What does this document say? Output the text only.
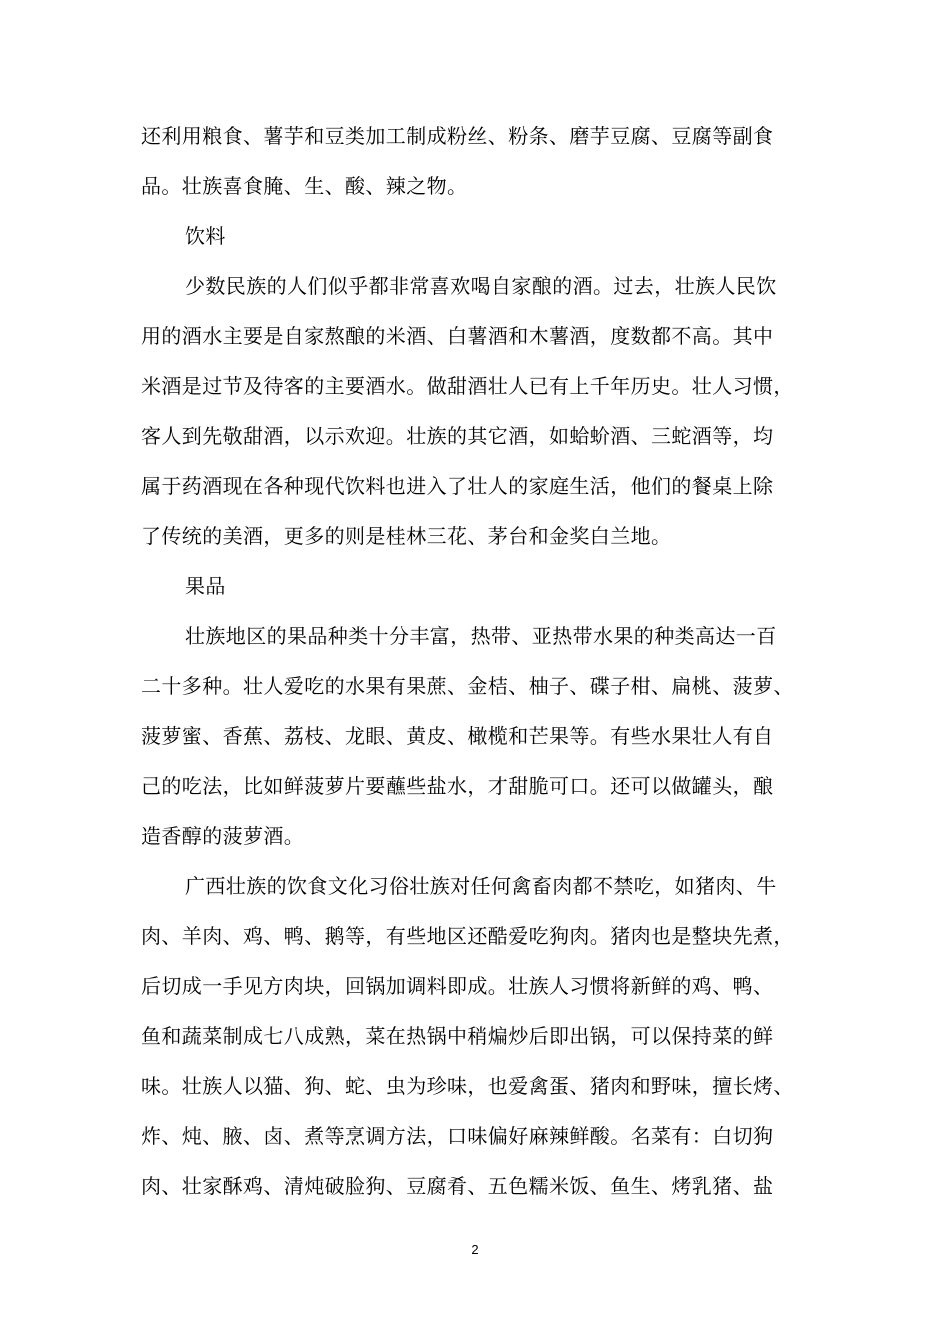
还利用粮食、薯芋和豆类加工制成粉丝、粉条、磨芋豆腐、豆腐等副食
品。壮族喜食腌、生、酸、辣之物。
饮料
少数民族的人们似乎都非常喜欢喝自家酿的酒。过去，壮族人民饮
用的酒水主要是自家熬酿的米酒、白薯酒和木薯酒，度数都不高。其中
米酒是过节及待客的主要酒水。做甜酒壮人已有上千年历史。壮人习惯，
客人到先敬甜酒，以示欢迎。壮族的其它酒，如蛤蚧酒、三蛇酒等，均
属于药酒现在各种现代饮料也进入了壮人的家庭生活，他们的餐桌上除
了传统的美酒，更多的则是桂林三花、茅台和金奖白兰地。
果品
壮族地区的果品种类十分丰富，热带、亚热带水果的种类高达一百
二十多种。壮人爱吃的水果有果蔗、金桔、柚子、碟子柑、扁桃、菠萝、
菠萝蜜、香蕉、荔枝、龙眼、黄皮、橄榄和芒果等。有些水果壮人有自
己的吃法，比如鲜菠萝片要蘸些盐水，才甜脆可口。还可以做罐头，酿
造香醇的菠萝酒。
广西壮族的饮食文化习俗壮族对任何禽畜肉都不禁吃，如猪肉、牛
肉、羊肉、鸡、鸭、鹅等，有些地区还酷爱吃狗肉。猪肉也是整块先煮，
后切成一手见方肉块，回锅加调料即成。壮族人习惯将新鲜的鸡、鸭、
鱼和蔬菜制成七八成熟，菜在热锅中稍煸炒后即出锅，可以保持菜的鲜
味。壮族人以猫、狗、蛇、虫为珍味，也爱禽蛋、猪肉和野味，擅长烤、
炸、炖、腋、卤、煮等烹调方法，口味偏好麻辣鲜酸。名菜有：白切狗
肉、壮家酥鸡、清炖破脸狗、豆腐肴、五色糯米饭、鱼生、烤乳猪、盐
2
